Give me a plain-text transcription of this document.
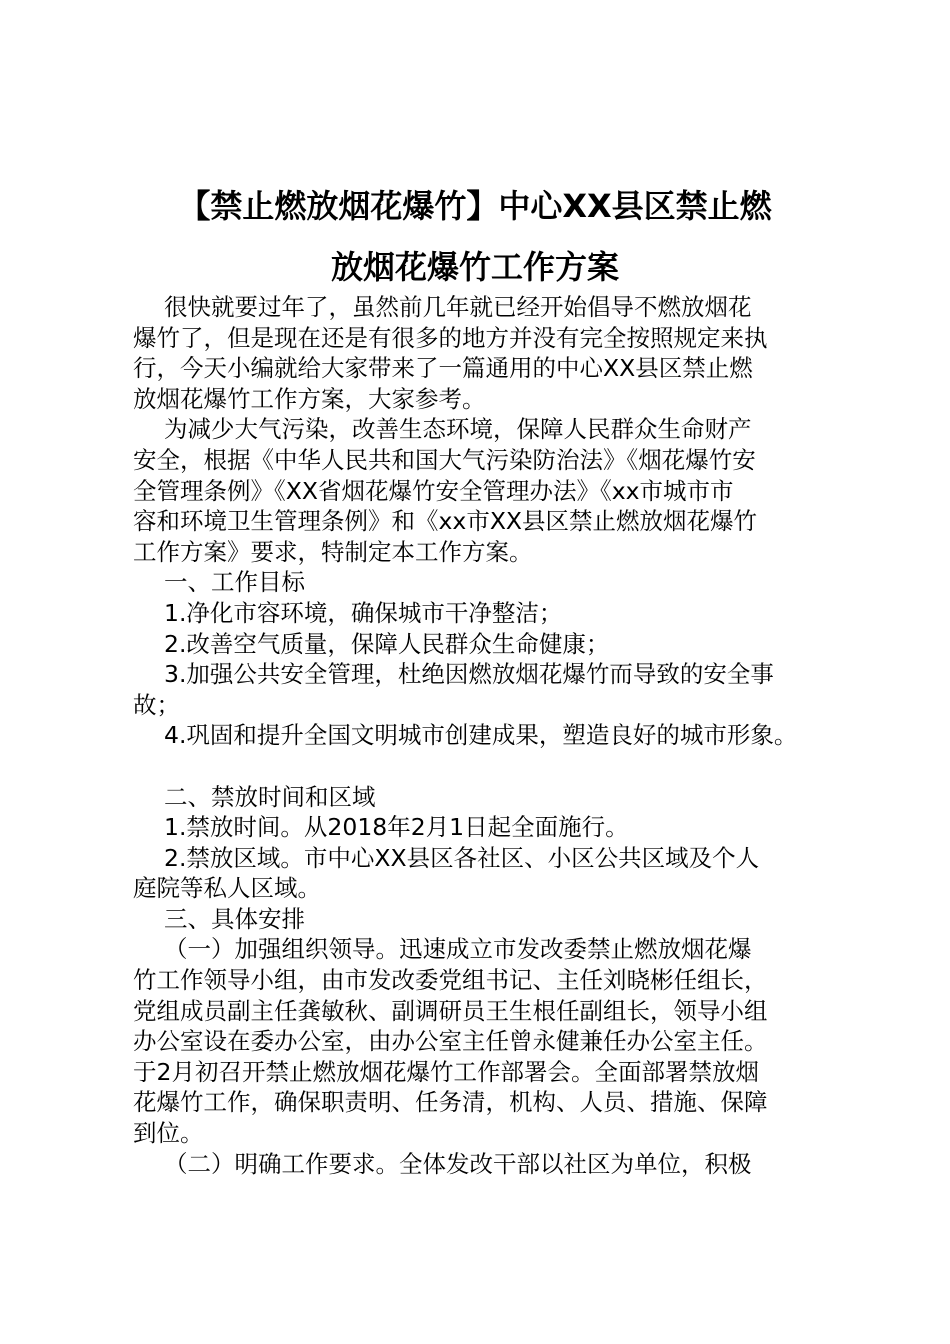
【禁止燃放烟花爆竹】中心XX县区禁止燃
放烟花爆竹工作方案

很快就要过年了，虽然前几年就已经开始倡导不燃放烟花

爆竹了，但是现在还是有很多的地方并没有完全按照规定来执

行，今天小编就给大家带来了一篇通用的中心XX县区禁止燃

放烟花爆竹工作方案，大家参考。

为减少大气污染，改善生态环境，保障人民群众生命财产

安全，根据《中华人民共和国大气污染防治法》《烟花爆竹安

全管理条例》《XX省烟花爆竹安全管理办法》《xx市城市市

容和环境卫生管理条例》和《xx市XX县区禁止燃放烟花爆竹

工作方案》要求，特制定本工作方案。

一、工作目标

1.净化市容环境，确保城市干净整洁；

2.改善空气质量，保障人民群众生命健康；

3.加强公共安全管理，杜绝因燃放烟花爆竹而导致的安全事

故；

4.巩固和提升全国文明城市创建成果，塑造良好的城市形象。

二、禁放时间和区域

1.禁放时间。从2018年2月1日起全面施行。

2.禁放区域。市中心XX县区各社区、小区公共区域及个人

庭院等私人区域。

三、具体安排

（一）加强组织领导。迅速成立市发改委禁止燃放烟花爆

竹工作领导小组，由市发改委党组书记、主任刘晓彬任组长，

党组成员副主任龚敏秋、副调研员王生根任副组长，领导小组

办公室设在委办公室，由办公室主任曾永健兼任办公室主任。

于2月初召开禁止燃放烟花爆竹工作部署会。全面部署禁放烟

花爆竹工作，确保职责明、任务清，机构、人员、措施、保障

到位。

（二）明确工作要求。全体发改干部以社区为单位，积极
